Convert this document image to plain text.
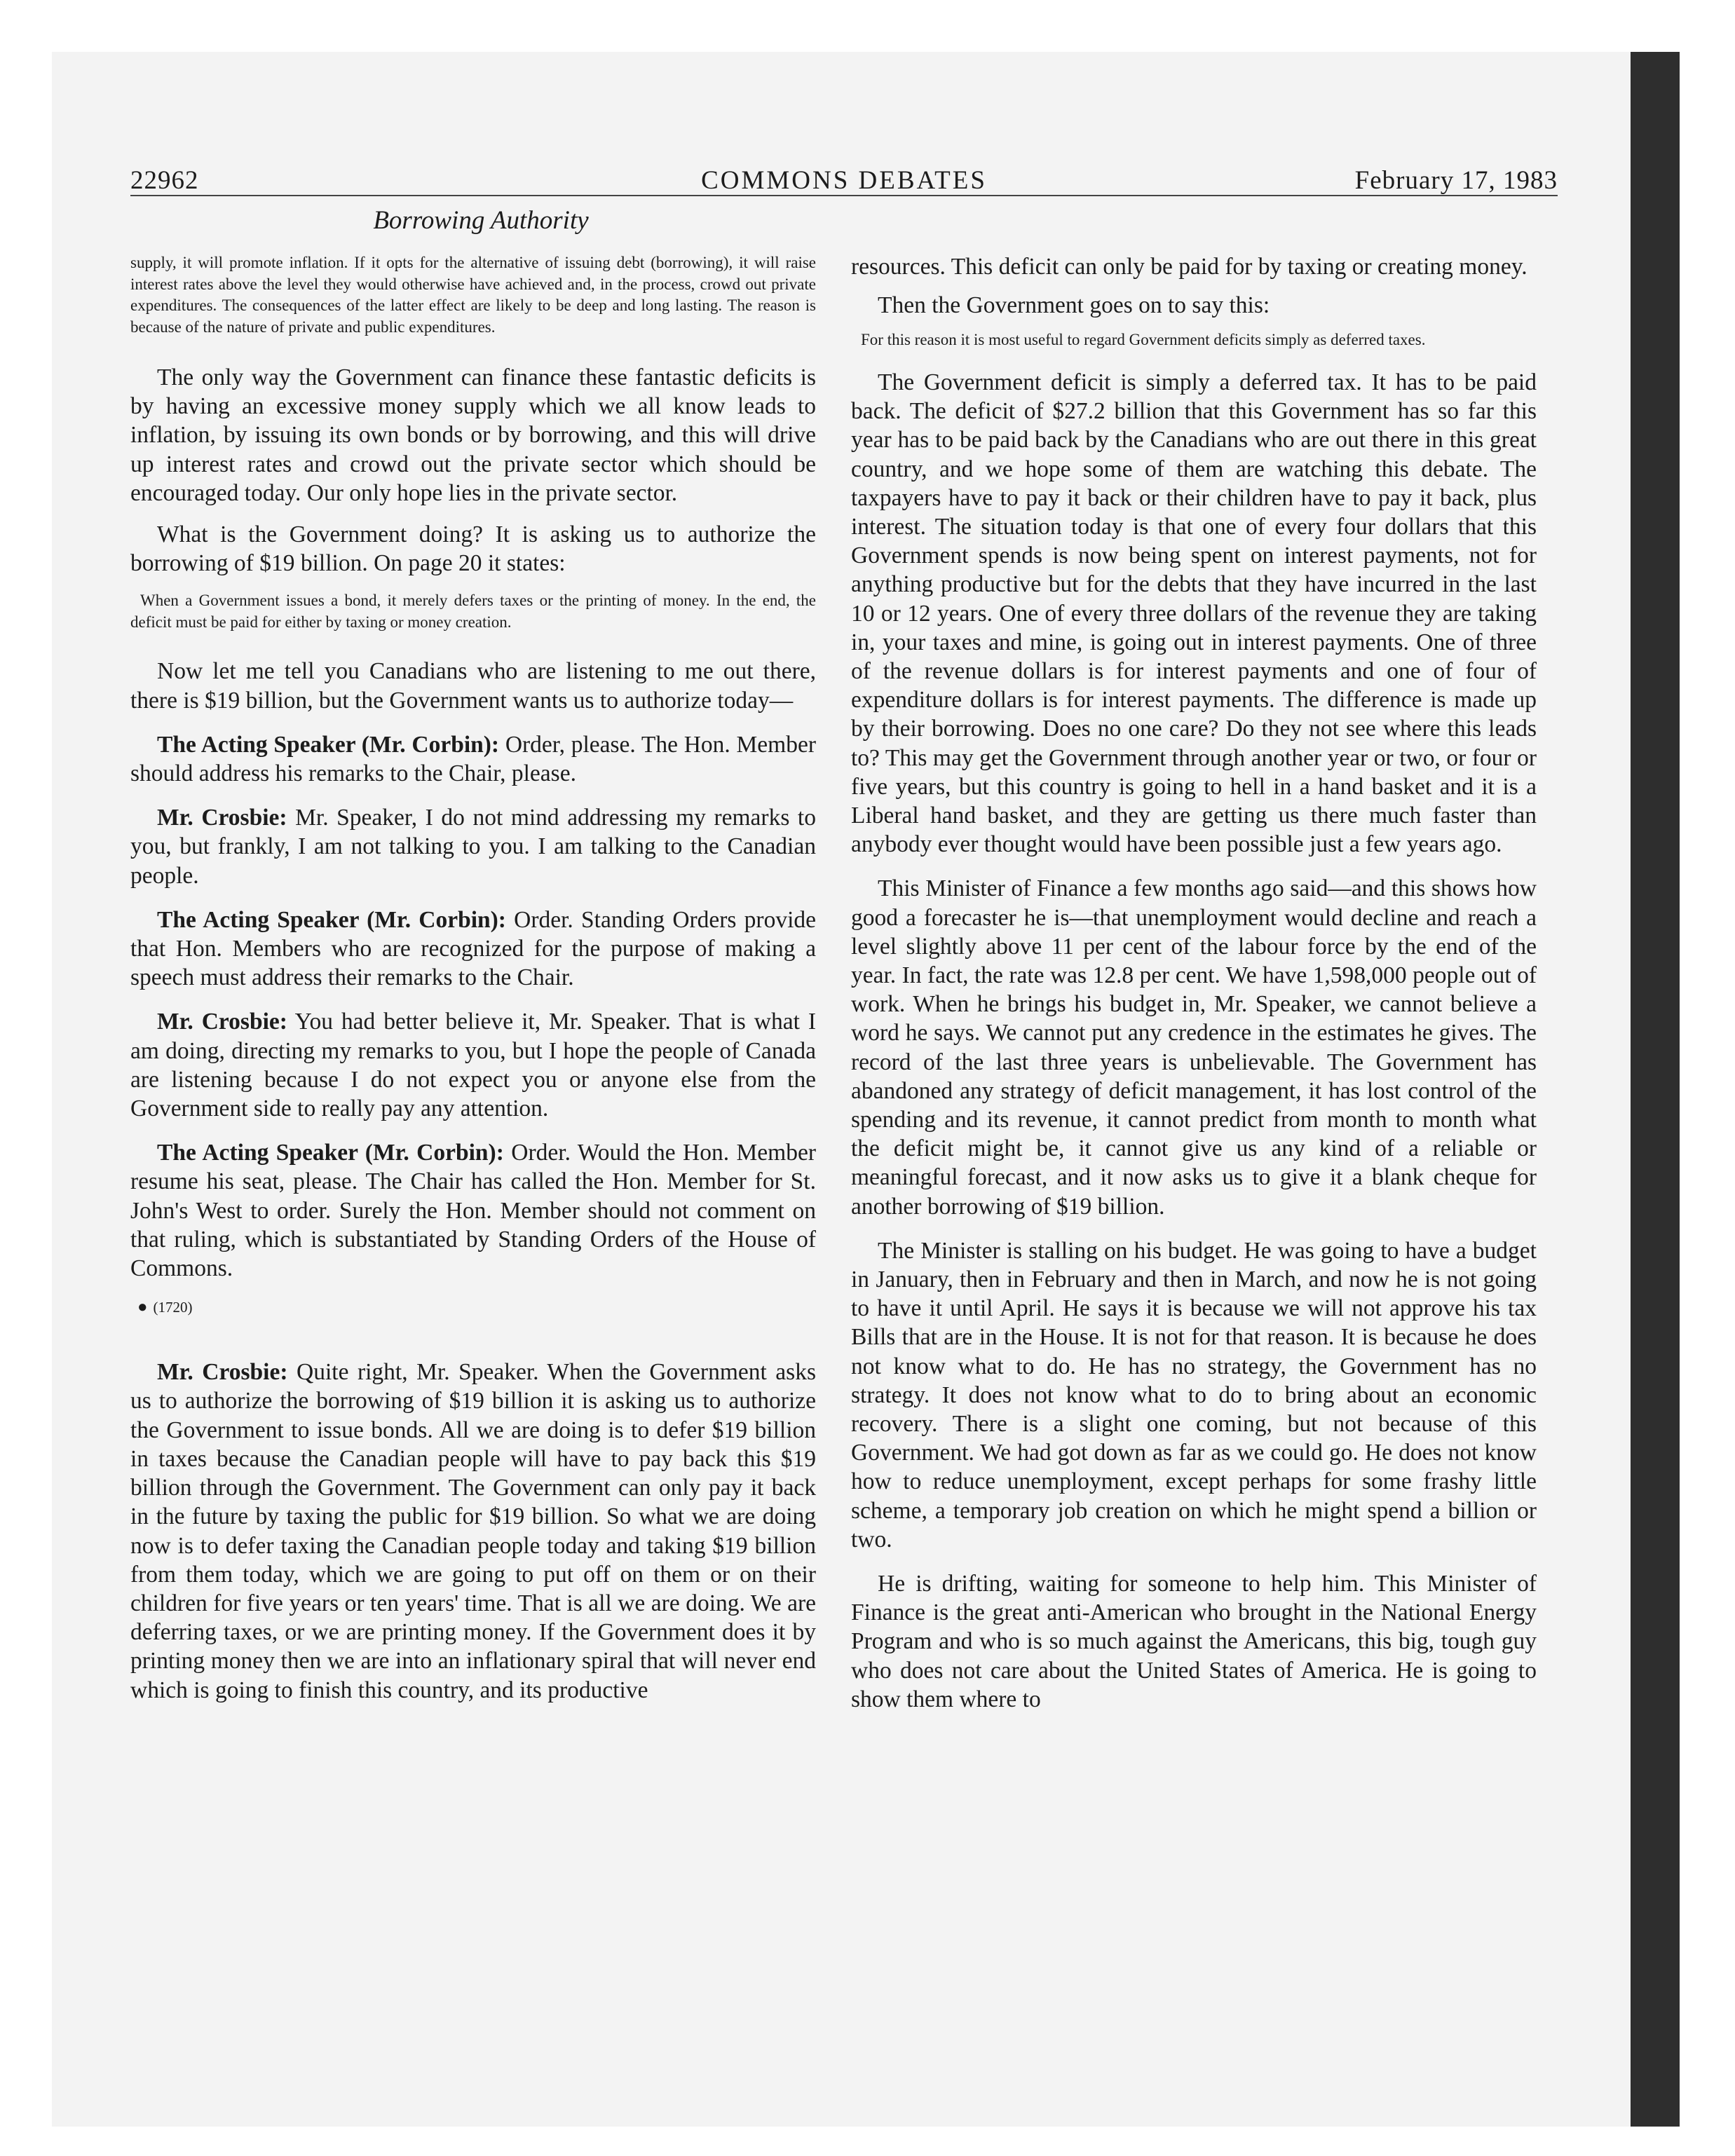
22962	COMMONS DEBATES	February 17, 1983
Borrowing Authority

supply, it will promote inflation. If it opts for the alternative of issuing debt (borrowing), it will raise interest rates above the level they would otherwise have achieved and, in the process, crowd out private expenditures. The consequences of the latter effect are likely to be deep and long lasting. The reason is because of the nature of private and public expenditures.

The only way the Government can finance these fantastic deficits is by having an excessive money supply which we all know leads to inflation, by issuing its own bonds or by borrowing, and this will drive up interest rates and crowd out the private sector which should be encouraged today. Our only hope lies in the private sector.

What is the Government doing? It is asking us to authorize the borrowing of $19 billion. On page 20 it states:

When a Government issues a bond, it merely defers taxes or the printing of money. In the end, the deficit must be paid for either by taxing or money creation.

Now let me tell you Canadians who are listening to me out there, there is $19 billion, but the Government wants us to authorize today—

The Acting Speaker (Mr. Corbin): Order, please. The Hon. Member should address his remarks to the Chair, please.

Mr. Crosbie: Mr. Speaker, I do not mind addressing my remarks to you, but frankly, I am not talking to you. I am talking to the Canadian people.

The Acting Speaker (Mr. Corbin): Order. Standing Orders provide that Hon. Members who are recognized for the purpose of making a speech must address their remarks to the Chair.

Mr. Crosbie: You had better believe it, Mr. Speaker. That is what I am doing, directing my remarks to you, but I hope the people of Canada are listening because I do not expect you or anyone else from the Government side to really pay any attention.

The Acting Speaker (Mr. Corbin): Order. Would the Hon. Member resume his seat, please. The Chair has called the Hon. Member for St. John's West to order. Surely the Hon. Member should not comment on that ruling, which is substantiated by Standing Orders of the House of Commons.

● (1720)

Mr. Crosbie: Quite right, Mr. Speaker. When the Government asks us to authorize the borrowing of $19 billion it is asking us to authorize the Government to issue bonds. All we are doing is to defer $19 billion in taxes because the Canadian people will have to pay back this $19 billion through the Government. The Government can only pay it back in the future by taxing the public for $19 billion. So what we are doing now is to defer taxing the Canadian people today and taking $19 billion from them today, which we are going to put off on them or on their children for five years or ten years' time. That is all we are doing. We are deferring taxes, or we are printing money. If the Government does it by printing money then we are into an inflationary spiral that will never end which is going to finish this country, and its productive

resources. This deficit can only be paid for by taxing or creating money.

Then the Government goes on to say this:

For this reason it is most useful to regard Government deficits simply as deferred taxes.

The Government deficit is simply a deferred tax. It has to be paid back. The deficit of $27.2 billion that this Government has so far this year has to be paid back by the Canadians who are out there in this great country, and we hope some of them are watching this debate. The taxpayers have to pay it back or their children have to pay it back, plus interest. The situation today is that one of every four dollars that this Government spends is now being spent on interest payments, not for anything productive but for the debts that they have incurred in the last 10 or 12 years. One of every three dollars of the revenue they are taking in, your taxes and mine, is going out in interest payments. One of three of the revenue dollars is for interest payments and one of four of expenditure dollars is for interest payments. The difference is made up by their borrowing. Does no one care? Do they not see where this leads to? This may get the Government through another year or two, or four or five years, but this country is going to hell in a hand basket and it is a Liberal hand basket, and they are getting us there much faster than anybody ever thought would have been possible just a few years ago.

This Minister of Finance a few months ago said—and this shows how good a forecaster he is—that unemployment would decline and reach a level slightly above 11 per cent of the labour force by the end of the year. In fact, the rate was 12.8 per cent. We have 1,598,000 people out of work. When he brings his budget in, Mr. Speaker, we cannot believe a word he says. We cannot put any credence in the estimates he gives. The record of the last three years is unbelievable. The Government has abandoned any strategy of deficit management, it has lost control of the spending and its revenue, it cannot predict from month to month what the deficit might be, it cannot give us any kind of a reliable or meaningful forecast, and it now asks us to give it a blank cheque for another borrowing of $19 billion.

The Minister is stalling on his budget. He was going to have a budget in January, then in February and then in March, and now he is not going to have it until April. He says it is because we will not approve his tax Bills that are in the House. It is not for that reason. It is because he does not know what to do. He has no strategy, the Government has no strategy. It does not know what to do to bring about an economic recovery. There is a slight one coming, but not because of this Government. We had got down as far as we could go. He does not know how to reduce unemployment, except perhaps for some frashy little scheme, a temporary job creation on which he might spend a billion or two.

He is drifting, waiting for someone to help him. This Minister of Finance is the great anti-American who brought in the National Energy Program and who is so much against the Americans, this big, tough guy who does not care about the United States of America. He is going to show them where to
